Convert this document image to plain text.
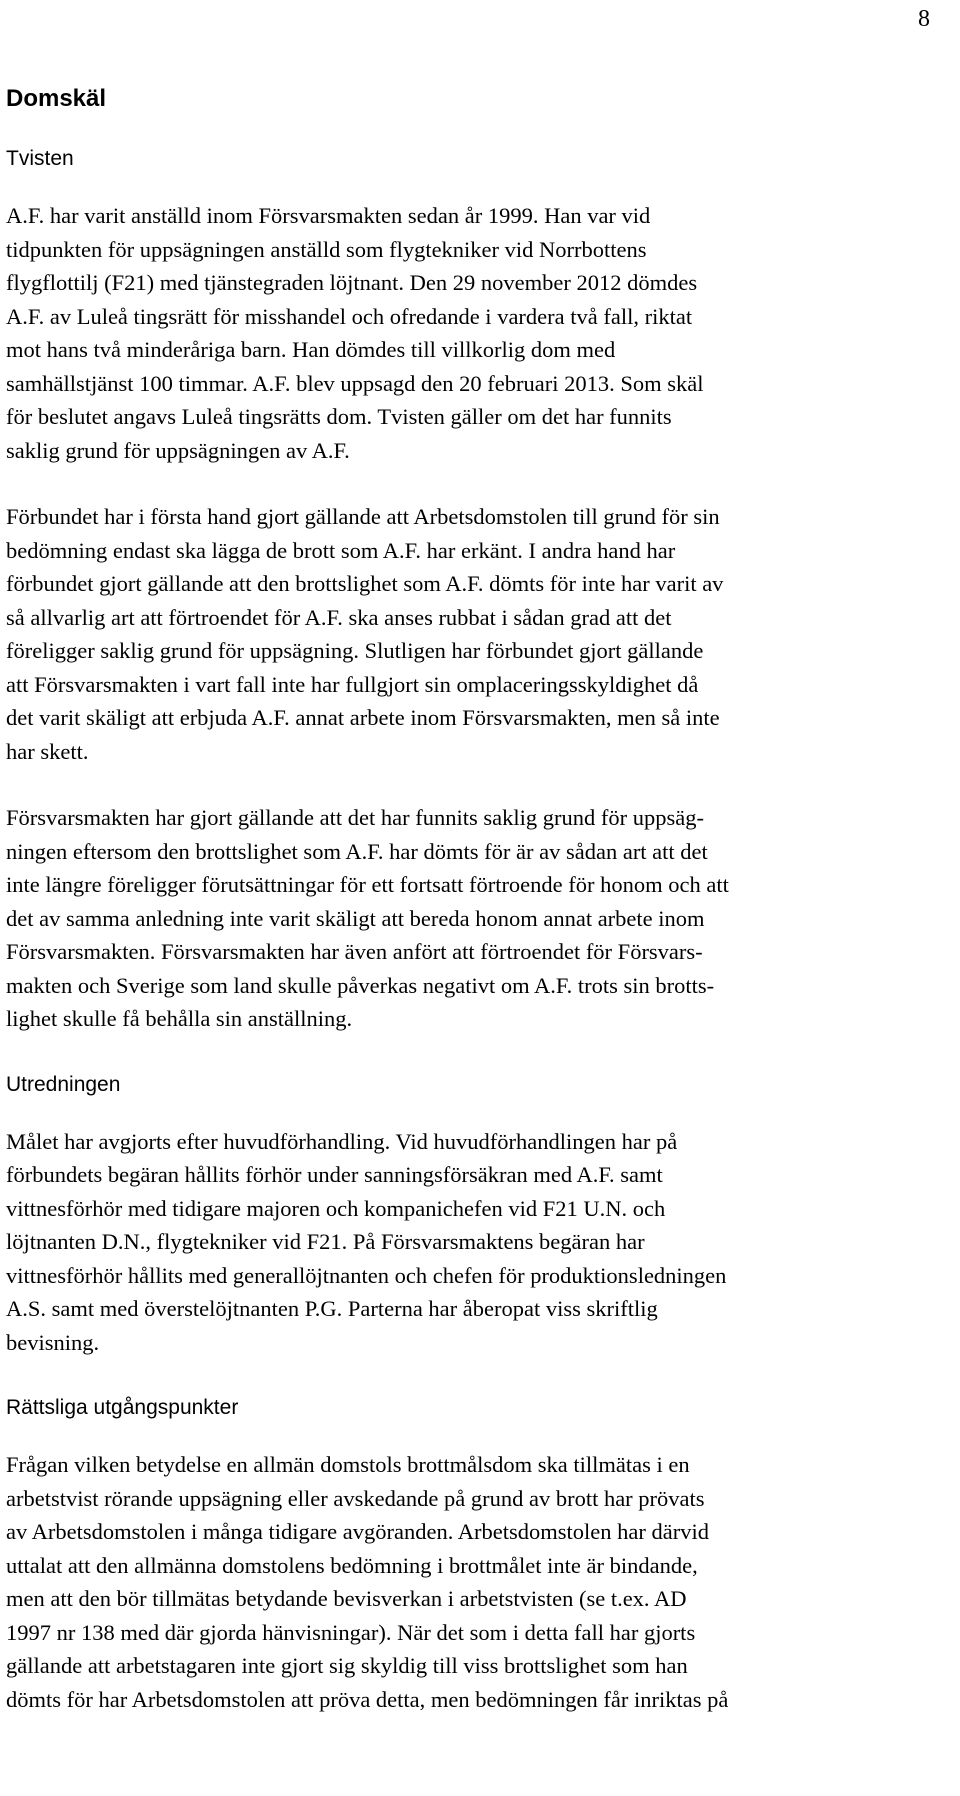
8
Domskäl
Tvisten

A.F. har varit anställd inom Försvarsmakten sedan år 1999. Han var vid
tidpunkten för uppsägningen anställd som flygtekniker vid Norrbottens
flygflottilj (F21) med tjänstegraden löjtnant. Den 29 november 2012 dömdes
A.F. av Luleå tingsrätt för misshandel och ofredande i vardera två fall, riktat
mot hans två minderåriga barn. Han dömdes till villkorlig dom med
samhällstjänst 100 timmar. A.F. blev uppsagd den 20 februari 2013. Som skäl
för beslutet angavs Luleå tingsrätts dom. Tvisten gäller om det har funnits
saklig grund för uppsägningen av A.F.

Förbundet har i första hand gjort gällande att Arbetsdomstolen till grund för sin
bedömning endast ska lägga de brott som A.F. har erkänt. I andra hand har
förbundet gjort gällande att den brottslighet som A.F. dömts för inte har varit av
så allvarlig art att förtroendet för A.F. ska anses rubbat i sådan grad att det
föreligger saklig grund för uppsägning. Slutligen har förbundet gjort gällande
att Försvarsmakten i vart fall inte har fullgjort sin omplaceringsskyldighet då
det varit skäligt att erbjuda A.F. annat arbete inom Försvarsmakten, men så inte
har skett.

Försvarsmakten har gjort gällande att det har funnits saklig grund för uppsäg-
ningen eftersom den brottslighet som A.F. har dömts för är av sådan art att det
inte längre föreligger förutsättningar för ett fortsatt förtroende för honom och att
det av samma anledning inte varit skäligt att bereda honom annat arbete inom
Försvarsmakten. Försvarsmakten har även anfört att förtroendet för Försvars-
makten och Sverige som land skulle påverkas negativt om A.F. trots sin brotts-
lighet skulle få behålla sin anställning.

Utredningen

Målet har avgjorts efter huvudförhandling. Vid huvudförhandlingen har på
förbundets begäran hållits förhör under sanningsförsäkran med A.F. samt
vittnesförhör med tidigare majoren och kompanichefen vid F21 U.N. och
löjtnanten D.N., flygtekniker vid F21. På Försvarsmaktens begäran har
vittnesförhör hållits med generallöjtnanten och chefen för produktionsledningen
A.S. samt med överstelöjtnanten P.G. Parterna har åberopat viss skriftlig
bevisning.

Rättsliga utgångspunkter

Frågan vilken betydelse en allmän domstols brottmålsdom ska tillmätas i en
arbetstvist rörande uppsägning eller avskedande på grund av brott har prövats
av Arbetsdomstolen i många tidigare avgöranden. Arbetsdomstolen har därvid
uttalat att den allmänna domstolens bedömning i brottmålet inte är bindande,
men att den bör tillmätas betydande bevisverkan i arbetstvisten (se t.ex. AD
1997 nr 138 med där gjorda hänvisningar). När det som i detta fall har gjorts
gällande att arbetstagaren inte gjort sig skyldig till viss brottslighet som han
dömts för har Arbetsdomstolen att pröva detta, men bedömningen får inriktas på
